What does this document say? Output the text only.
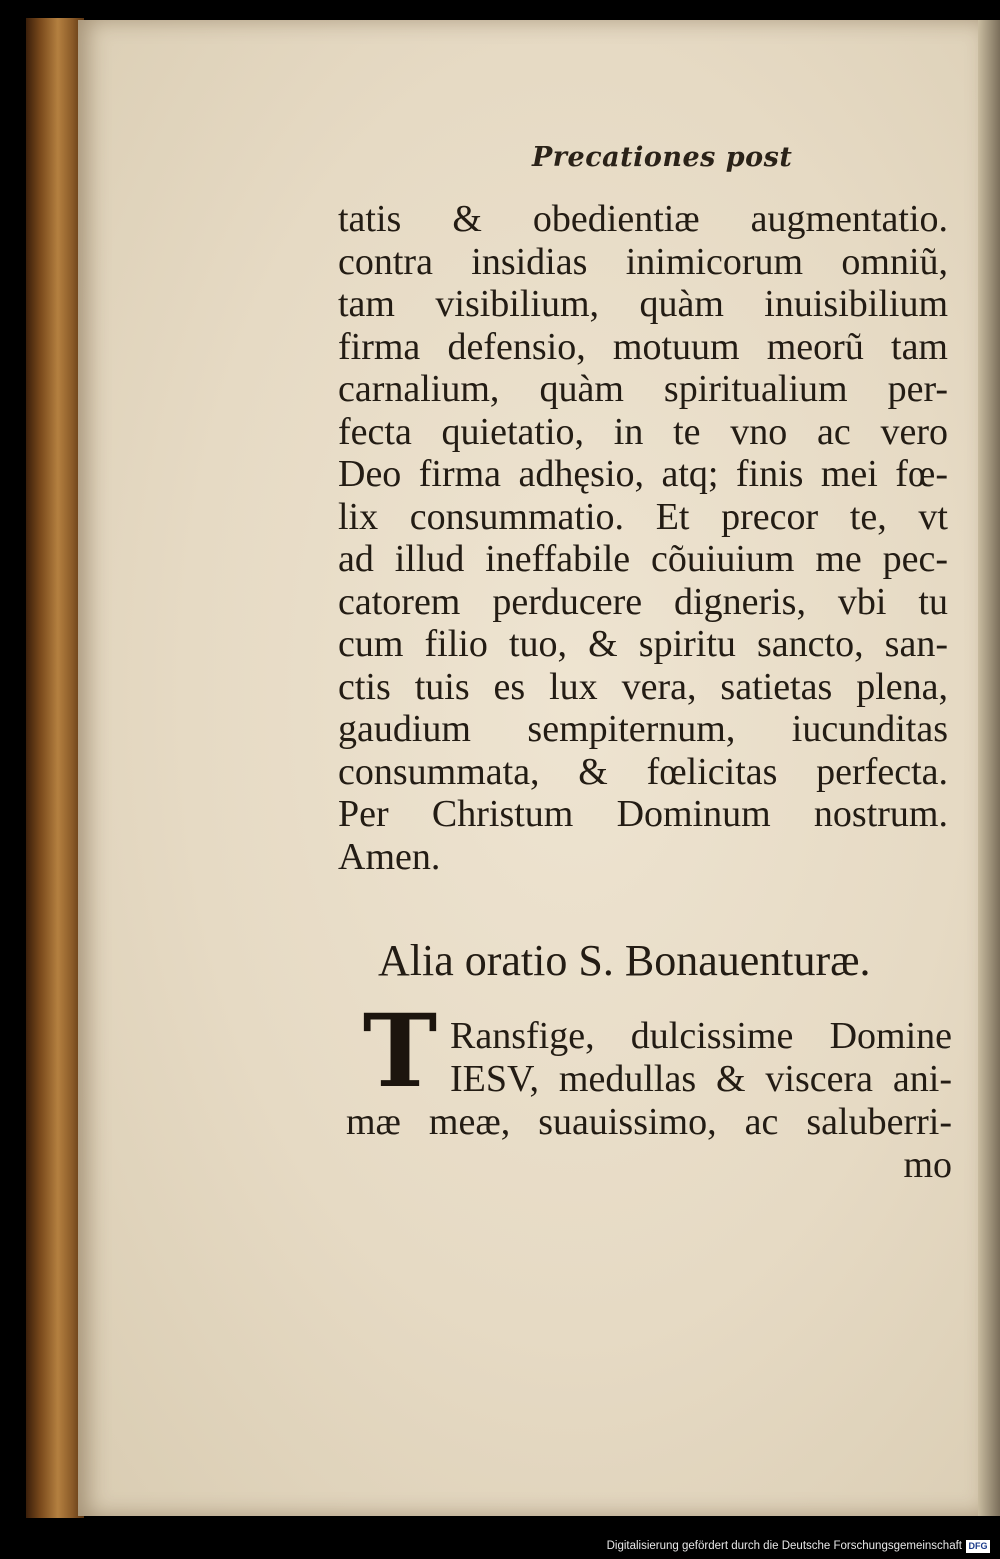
Precationes post
tatis & obedientiæ augmentatio.
contra insidias inimicorum omniũ,
tam visibilium, quàm inuisibilium
firma defensio, motuum meorũ tam
carnalium, quàm spiritualium per-
fecta quietatio, in te vno ac vero
Deo firma adhęsio, atq; finis mei fœ-
lix consummatio. Et precor te, vt
ad illud ineffabile cõuiuium me pec-
catorem perducere digneris, vbi tu
cum filio tuo, & spiritu sancto, san-
ctis tuis es lux vera, satietas plena,
gaudium sempiternum, iucunditas
consummata, & fœlicitas perfecta.
Per Christum Dominum nostrum.
Amen.
Alia oratio S. Bonauenturæ.
T Ransfige, dulcissime Domine
IESV, medullas & viscera ani-
mæ meæ, suauissimo, ac saluberri-
mo
Digitalisierung gefördert durch die Deutsche Forschungsgemeinschaft DFG
